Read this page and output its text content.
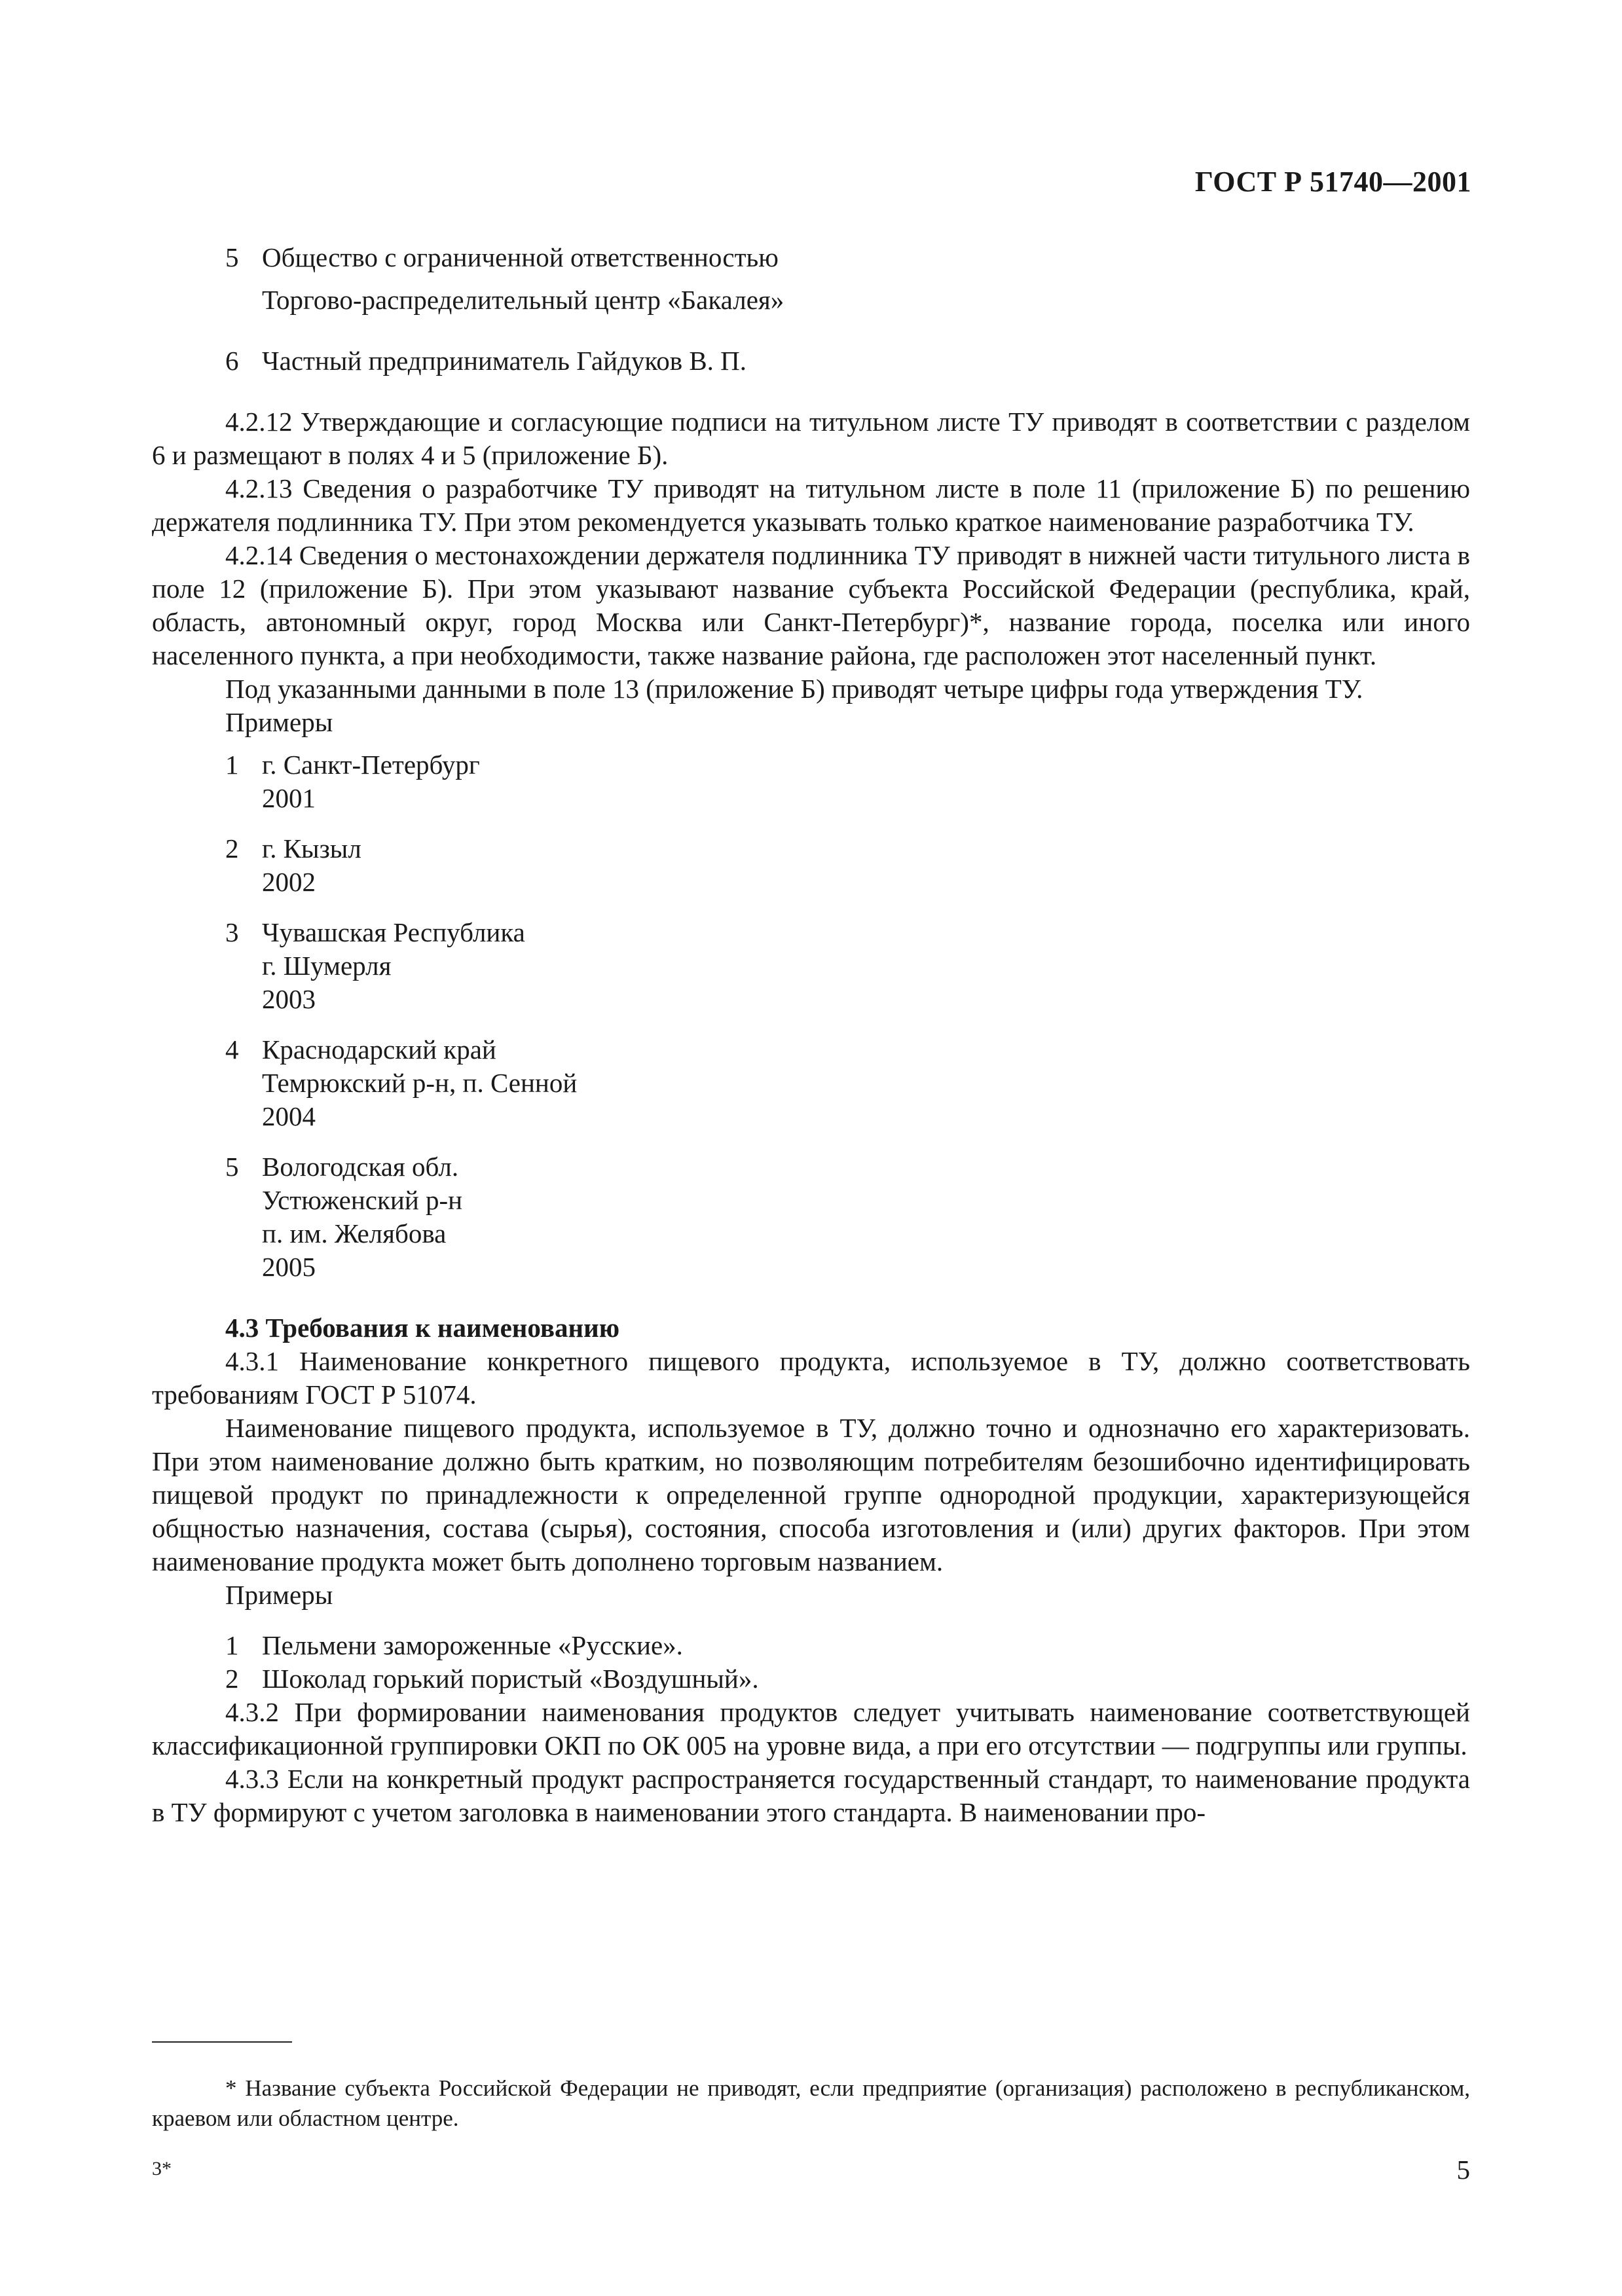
ГОСТ Р 51740—2001
5 Общество с ограниченной ответственностью
Торгово-распределительный центр «Бакалея»
6 Частный предприниматель Гайдуков В. П.

4.2.12 Утверждающие и согласующие подписи на титульном листе ТУ приводят в соответствии с разделом 6 и размещают в полях 4 и 5 (приложение Б).

4.2.13 Сведения о разработчике ТУ приводят на титульном листе в поле 11 (приложение Б) по решению держателя подлинника ТУ. При этом рекомендуется указывать только краткое наименование разработчика ТУ.

4.2.14 Сведения о местонахождении держателя подлинника ТУ приводят в нижней части титульного листа в поле 12 (приложение Б). При этом указывают название субъекта Российской Федерации (республика, край, область, автономный округ, город Москва или Санкт-Петербург)*, название города, поселка или иного населенного пункта, а при необходимости, также название района, где расположен этот населенный пункт.

Под указанными данными в поле 13 (приложение Б) приводят четыре цифры года утверждения ТУ.

Примеры

1 г. Санкт-Петербург
2001
2 г. Кызыл
2002
3 Чувашская Республика
г. Шумерля
2003
4 Краснодарский край
Темрюкский р-н, п. Сенной
2004
5 Вологодская обл.
Устюженский р-н
п. им. Желябова
2005

4.3 Требования к наименованию

4.3.1 Наименование конкретного пищевого продукта, используемое в ТУ, должно соответствовать требованиям ГОСТ Р 51074.

Наименование пищевого продукта, используемое в ТУ, должно точно и однозначно его характеризовать. При этом наименование должно быть кратким, но позволяющим потребителям безошибочно идентифицировать пищевой продукт по принадлежности к определенной группе однородной продукции, характеризующейся общностью назначения, состава (сырья), состояния, способа изготовления и (или) других факторов. При этом наименование продукта может быть дополнено торговым названием.

Примеры

1 Пельмени замороженные «Русские».
2 Шоколад горький пористый «Воздушный».

4.3.2 При формировании наименования продуктов следует учитывать наименование соответствующей классификационной группировки ОКП по ОК 005 на уровне вида, а при его отсутствии — подгруппы или группы.

4.3.3 Если на конкретный продукт распространяется государственный стандарт, то наименование продукта в ТУ формируют с учетом заголовка в наименовании этого стандарта. В наименовании про-

* Название субъекта Российской Федерации не приводят, если предприятие (организация) расположено в республиканском, краевом или областном центре.

3*	5
